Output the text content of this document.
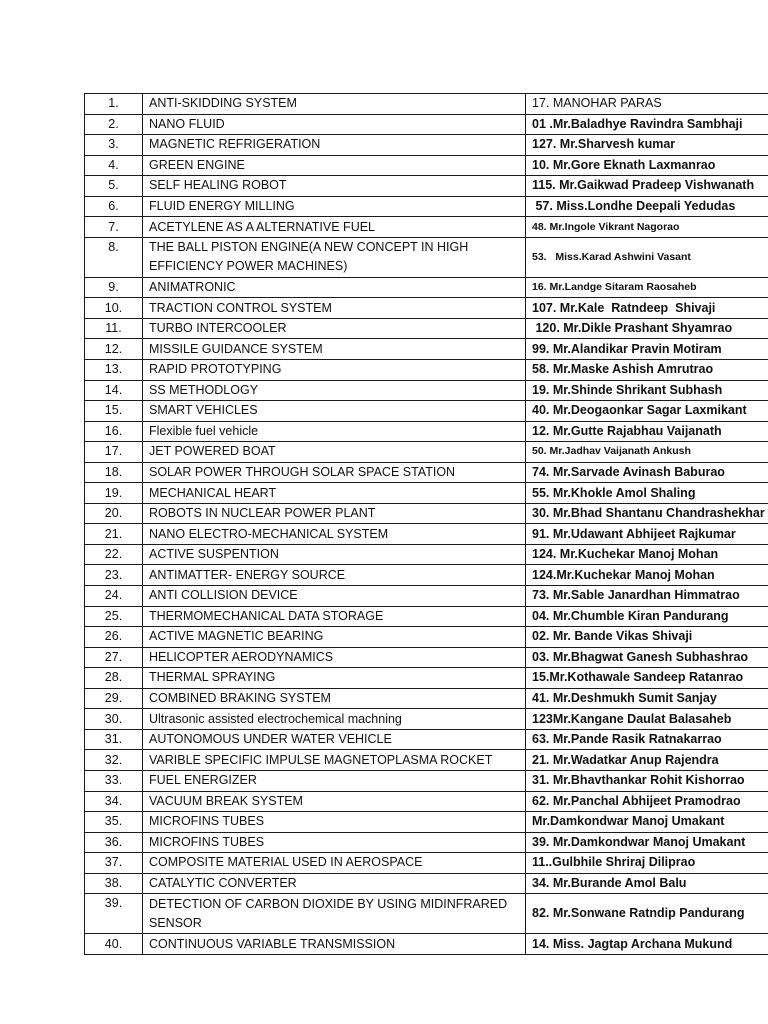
1.	ANTI-SKIDDING SYSTEM	17. MANOHAR PARAS
2.	NANO FLUID	01 .Mr.Baladhye Ravindra Sambhaji
3.	MAGNETIC REFRIGERATION	127. Mr.Sharvesh kumar
4.	GREEN ENGINE	10. Mr.Gore Eknath Laxmanrao
5.	SELF HEALING ROBOT	115. Mr.Gaikwad Pradeep Vishwanath
6.	FLUID ENERGY MILLING	57. Miss.Londhe Deepali Yedudas
7.	ACETYLENE AS A ALTERNATIVE FUEL	48. Mr.Ingole Vikrant Nagorao
8.	THE BALL PISTON ENGINE(A NEW CONCEPT IN HIGH EFFICIENCY POWER MACHINES)	53.   Miss.Karad Ashwini Vasant
9.	ANIMATRONIC	16. Mr.Landge Sitaram Raosaheb
10.	TRACTION CONTROL SYSTEM	107. Mr.Kale  Ratndeep  Shivaji
11.	TURBO INTERCOOLER	120. Mr.Dikle Prashant Shyamrao
12.	MISSILE GUIDANCE SYSTEM	99. Mr.Alandikar Pravin Motiram
13.	RAPID PROTOTYPING	58. Mr.Maske Ashish Amrutrao
14.	SS METHODLOGY	19. Mr.Shinde Shrikant Subhash
15.	SMART VEHICLES	40. Mr.Deogaonkar Sagar Laxmikant
16.	Flexible fuel vehicle	12. Mr.Gutte Rajabhau Vaijanath
17.	JET POWERED BOAT	50. Mr.Jadhav Vaijanath Ankush
18.	SOLAR POWER THROUGH SOLAR SPACE STATION	74. Mr.Sarvade Avinash Baburao
19.	MECHANICAL HEART	55. Mr.Khokle Amol Shaling
20.	ROBOTS IN NUCLEAR POWER PLANT	30. Mr.Bhad Shantanu Chandrashekhar
21.	NANO ELECTRO-MECHANICAL SYSTEM	91. Mr.Udawant Abhijeet Rajkumar
22.	ACTIVE SUSPENTION	124. Mr.Kuchekar Manoj Mohan
23.	ANTIMATTER- ENERGY SOURCE	124.Mr.Kuchekar Manoj Mohan
24.	ANTI COLLISION DEVICE	73. Mr.Sable Janardhan Himmatrao
25.	THERMOMECHANICAL DATA STORAGE	04. Mr.Chumble Kiran Pandurang
26.	ACTIVE MAGNETIC BEARING	02. Mr. Bande Vikas Shivaji
27.	HELICOPTER AERODYNAMICS	03. Mr.Bhagwat Ganesh Subhashrao
28.	THERMAL SPRAYING	15.Mr.Kothawale Sandeep Ratanrao
29.	COMBINED BRAKING SYSTEM	41. Mr.Deshmukh Sumit Sanjay
30.	Ultrasonic assisted electrochemical machning	123Mr.Kangane Daulat Balasaheb
31.	AUTONOMOUS UNDER WATER VEHICLE	63. Mr.Pande Rasik Ratnakarrao
32.	VARIBLE SPECIFIC IMPULSE MAGNETOPLASMA ROCKET	21. Mr.Wadatkar Anup Rajendra
33.	FUEL ENERGIZER	31. Mr.Bhavthankar Rohit Kishorrao
34.	VACUUM BREAK SYSTEM	62. Mr.Panchal Abhijeet Pramodrao
35.	MICROFINS TUBES	Mr.Damkondwar Manoj Umakant
36.	MICROFINS TUBES	39. Mr.Damkondwar Manoj Umakant
37.	COMPOSITE MATERIAL USED IN AEROSPACE	11..Gulbhile Shriraj Diliprao
38.	CATALYTIC CONVERTER	34. Mr.Burande Amol Balu
39.	DETECTION OF CARBON DIOXIDE BY USING MIDINFRARED SENSOR	82. Mr.Sonwane Ratndip Pandurang
40.	CONTINUOUS VARIABLE TRANSMISSION	14. Miss. Jagtap Archana Mukund
